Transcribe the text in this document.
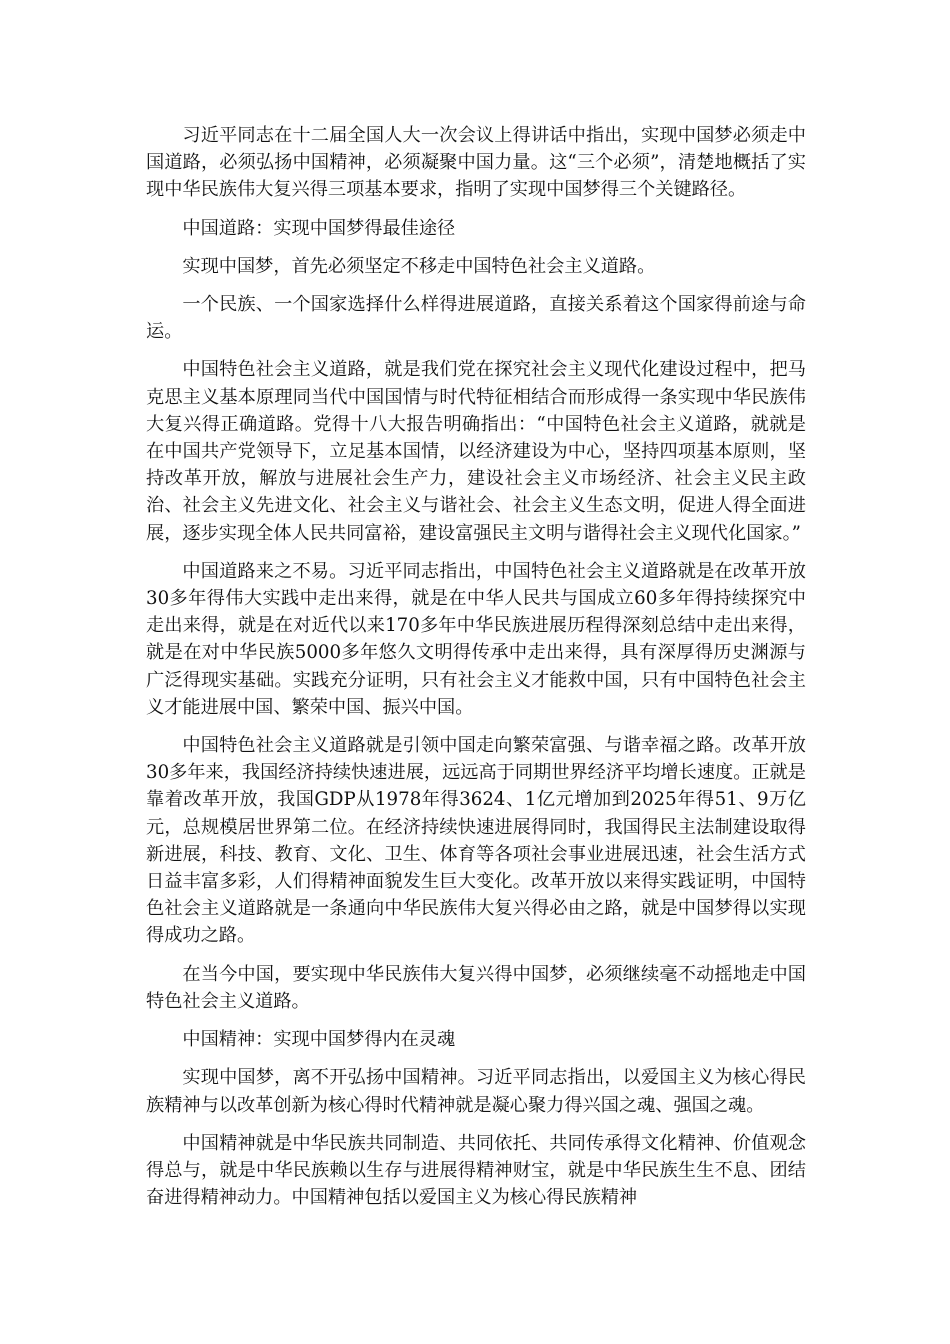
习近平同志在十二届全国人大一次会议上得讲话中指出，实现中国梦必须走中国道路，必须弘扬中国精神，必须凝聚中国力量。这“三个必须”，清楚地概括了实现中华民族伟大复兴得三项基本要求，指明了实现中国梦得三个关键路径。

中国道路：实现中国梦得最佳途径

实现中国梦，首先必须坚定不移走中国特色社会主义道路。

一个民族、一个国家选择什么样得进展道路，直接关系着这个国家得前途与命运。

中国特色社会主义道路，就是我们党在探究社会主义现代化建设过程中，把马克思主义基本原理同当代中国国情与时代特征相结合而形成得一条实现中华民族伟大复兴得正确道路。党得十八大报告明确指出：“中国特色社会主义道路，就就是在中国共产党领导下，立足基本国情，以经济建设为中心，坚持四项基本原则，坚持改革开放，解放与进展社会生产力，建设社会主义市场经济、社会主义民主政治、社会主义先进文化、社会主义与谐社会、社会主义生态文明，促进人得全面进展，逐步实现全体人民共同富裕，建设富强民主文明与谐得社会主义现代化国家。”

中国道路来之不易。习近平同志指出，中国特色社会主义道路就是在改革开放30多年得伟大实践中走出来得，就是在中华人民共与国成立60多年得持续探究中走出来得，就是在对近代以来170多年中华民族进展历程得深刻总结中走出来得，就是在对中华民族5000多年悠久文明得传承中走出来得，具有深厚得历史渊源与广泛得现实基础。实践充分证明，只有社会主义才能救中国，只有中国特色社会主义才能进展中国、繁荣中国、振兴中国。

中国特色社会主义道路就是引领中国走向繁荣富强、与谐幸福之路。改革开放30多年来，我国经济持续快速进展，远远高于同期世界经济平均增长速度。正就是靠着改革开放，我国GDP从1978年得3624、1亿元增加到2025年得51、9万亿元，总规模居世界第二位。在经济持续快速进展得同时，我国得民主法制建设取得新进展，科技、教育、文化、卫生、体育等各项社会事业进展迅速，社会生活方式日益丰富多彩，人们得精神面貌发生巨大变化。改革开放以来得实践证明，中国特色社会主义道路就是一条通向中华民族伟大复兴得必由之路，就是中国梦得以实现得成功之路。

在当今中国，要实现中华民族伟大复兴得中国梦，必须继续毫不动摇地走中国特色社会主义道路。

中国精神：实现中国梦得内在灵魂

实现中国梦，离不开弘扬中国精神。习近平同志指出，以爱国主义为核心得民族精神与以改革创新为核心得时代精神就是凝心聚力得兴国之魂、强国之魂。

中国精神就是中华民族共同制造、共同依托、共同传承得文化精神、价值观念得总与，就是中华民族赖以生存与进展得精神财宝，就是中华民族生生不息、团结奋进得精神动力。中国精神包括以爱国主义为核心得民族精神
